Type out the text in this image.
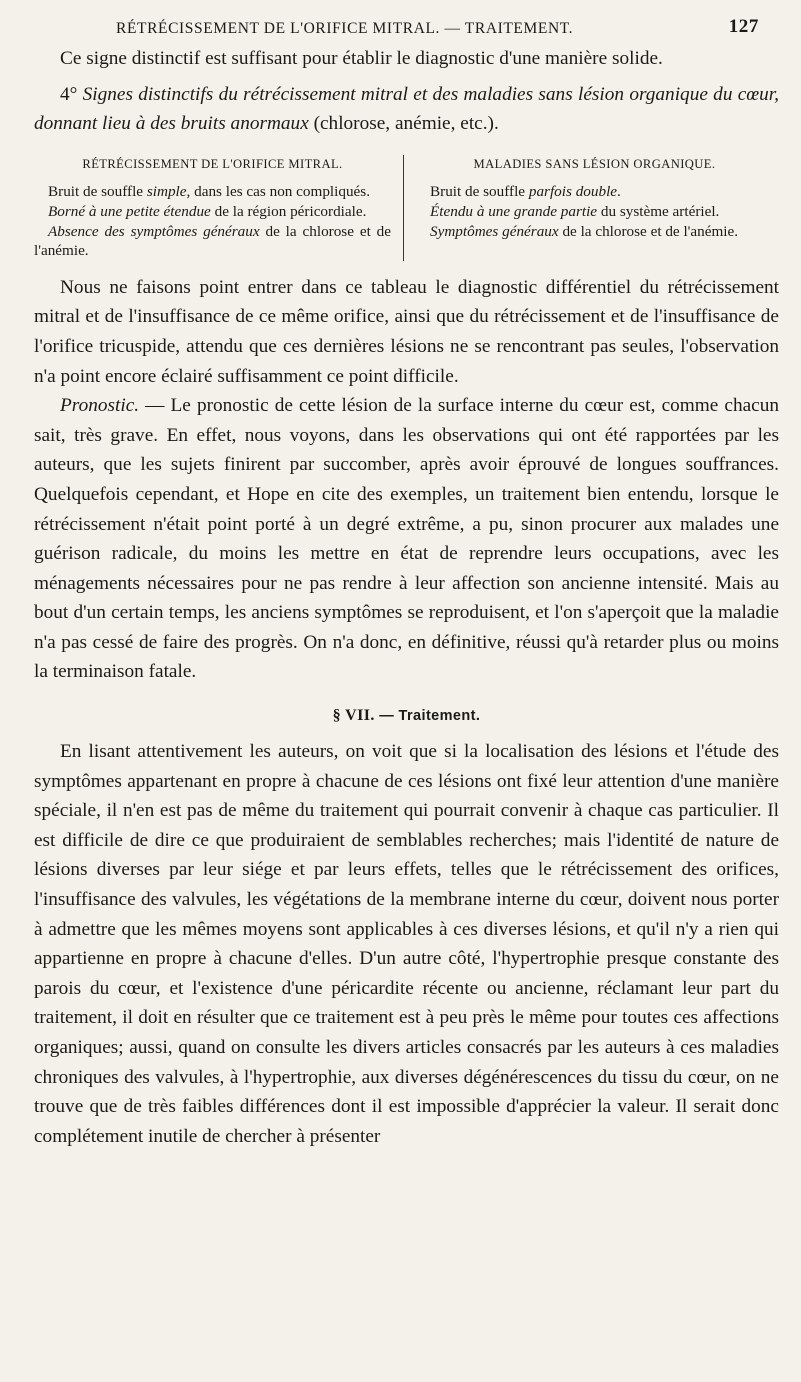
RÉTRÉCISSEMENT DE L'ORIFICE MITRAL. — TRAITEMENT.	127

Ce signe distinctif est suffisant pour établir le diagnostic d'une manière solide.

4° Signes distinctifs du rétrécissement mitral et des maladies sans lésion organique du cœur, donnant lieu à des bruits anormaux (chlorose, anémie, etc.).

RÉTRÉCISSEMENT DE L'ORIFICE MITRAL.
Bruit de souffle simple, dans les cas non compliqués.
Borné à une petite étendue de la région péricordiale.
Absence des symptômes généraux de la chlorose et de l'anémie.
MALADIES SANS LÉSION ORGANIQUE.
Bruit de souffle parfois double.
Étendu à une grande partie du système artériel.
Symptômes généraux de la chlorose et de l'anémie.

Nous ne faisons point entrer dans ce tableau le diagnostic différentiel du rétrécissement mitral et de l'insuffisance de ce même orifice, ainsi que du rétrécissement et de l'insuffisance de l'orifice tricuspide, attendu que ces dernières lésions ne se rencontrant pas seules, l'observation n'a point encore éclairé suffisamment ce point difficile.

Pronostic. — Le pronostic de cette lésion de la surface interne du cœur est, comme chacun sait, très grave. En effet, nous voyons, dans les observations qui ont été rapportées par les auteurs, que les sujets finirent par succomber, après avoir éprouvé de longues souffrances. Quelquefois cependant, et Hope en cite des exemples, un traitement bien entendu, lorsque le rétrécissement n'était point porté à un degré extrême, a pu, sinon procurer aux malades une guérison radicale, du moins les mettre en état de reprendre leurs occupations, avec les ménagements nécessaires pour ne pas rendre à leur affection son ancienne intensité. Mais au bout d'un certain temps, les anciens symptômes se reproduisent, et l'on s'aperçoit que la maladie n'a pas cessé de faire des progrès. On n'a donc, en définitive, réussi qu'à retarder plus ou moins la terminaison fatale.

§ VII. — Traitement.

En lisant attentivement les auteurs, on voit que si la localisation des lésions et l'étude des symptômes appartenant en propre à chacune de ces lésions ont fixé leur attention d'une manière spéciale, il n'en est pas de même du traitement qui pourrait convenir à chaque cas particulier. Il est difficile de dire ce que produiraient de semblables recherches; mais l'identité de nature de lésions diverses par leur siége et par leurs effets, telles que le rétrécissement des orifices, l'insuffisance des valvules, les végétations de la membrane interne du cœur, doivent nous porter à admettre que les mêmes moyens sont applicables à ces diverses lésions, et qu'il n'y a rien qui appartienne en propre à chacune d'elles. D'un autre côté, l'hypertrophie presque constante des parois du cœur, et l'existence d'une péricardite récente ou ancienne, réclamant leur part du traitement, il doit en résulter que ce traitement est à peu près le même pour toutes ces affections organiques; aussi, quand on consulte les divers articles consacrés par les auteurs à ces maladies chroniques des valvules, à l'hypertrophie, aux diverses dégénérescences du tissu du cœur, on ne trouve que de très faibles différences dont il est impossible d'apprécier la valeur. Il serait donc complétement inutile de chercher à présenter
